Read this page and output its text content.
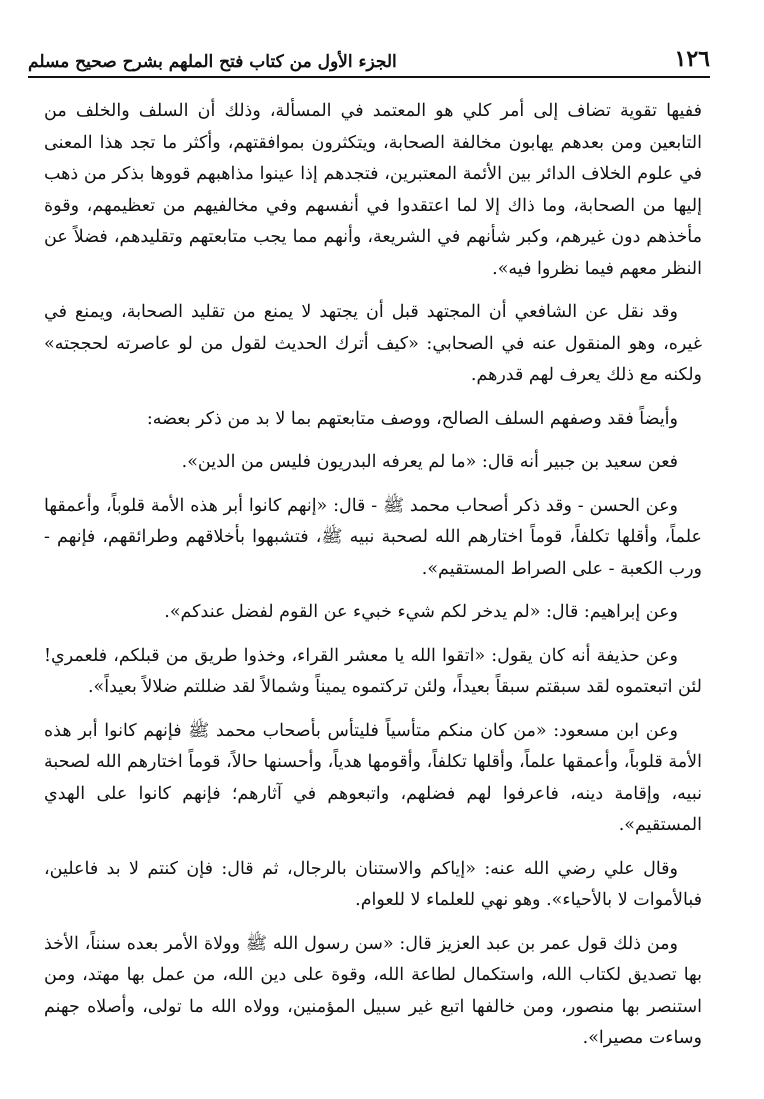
١٢٦
الجزء الأول من كتاب فتح الملهم بشرح صحيح مسلم

ففيها تقوية تضاف إلى أمر كلي هو المعتمد في المسألة، وذلك أن السلف والخلف من التابعين ومن بعدهم يهابون مخالفة الصحابة، ويتكثرون بموافقتهم، وأكثر ما تجد هذا المعنى في علوم الخلاف الدائر بين الأئمة المعتبرين، فتجدهم إذا عينوا مذاهبهم قووها بذكر من ذهب إليها من الصحابة، وما ذاك إلا لما اعتقدوا في أنفسهم وفي مخالفيهم من تعظيمهم، وقوة مأخذهم دون غيرهم، وكبر شأنهم في الشريعة، وأنهم مما يجب متابعتهم وتقليدهم، فضلاً عن النظر معهم فيما نظروا فيه».

وقد نقل عن الشافعي أن المجتهد قبل أن يجتهد لا يمنع من تقليد الصحابة، ويمنع في غيره، وهو المنقول عنه في الصحابي: «كيف أترك الحديث لقول من لو عاصرته لحججته» ولكنه مع ذلك يعرف لهم قدرهم.

وأيضاً فقد وصفهم السلف الصالح، ووصف متابعتهم بما لا بد من ذكر بعضه:

فعن سعيد بن جبير أنه قال: «ما لم يعرفه البدريون فليس من الدين».

وعن الحسن - وقد ذكر أصحاب محمد ﷺ - قال: «إنهم كانوا أبر هذه الأمة قلوباً، وأعمقها علماً، وأقلها تكلفاً، قوماً اختارهم الله لصحبة نبيه ﷺ، فتشبهوا بأخلاقهم وطرائقهم، فإنهم - ورب الكعبة - على الصراط المستقيم».

وعن إبراهيم: قال: «لم يدخر لكم شيء خبيء عن القوم لفضل عندكم».

وعن حذيفة أنه كان يقول: «اتقوا الله يا معشر القراء، وخذوا طريق من قبلكم، فلعمري! لئن اتبعتموه لقد سبقتم سبقاً بعيداً، ولئن تركتموه يميناً وشمالاً لقد ضللتم ضلالاً بعيداً».

وعن ابن مسعود: «من كان منكم متأسياً فليتأس بأصحاب محمد ﷺ فإنهم كانوا أبر هذه الأمة قلوباً، وأعمقها علماً، وأقلها تكلفاً، وأقومها هدياً، وأحسنها حالاً، قوماً اختارهم الله لصحبة نبيه، وإقامة دينه، فاعرفوا لهم فضلهم، واتبعوهم في آثارهم؛ فإنهم كانوا على الهدي المستقيم».

وقال علي رضي الله عنه: «إياكم والاستنان بالرجال، ثم قال: فإن كنتم لا بد فاعلين، فبالأموات لا بالأحياء». وهو نهي للعلماء لا للعوام.

ومن ذلك قول عمر بن عبد العزيز قال: «سن رسول الله ﷺ وولاة الأمر بعده سنناً، الأخذ بها تصديق لكتاب الله، واستكمال لطاعة الله، وقوة على دين الله، من عمل بها مهتد، ومن استنصر بها منصور، ومن خالفها اتبع غير سبيل المؤمنين، وولاه الله ما تولى، وأصلاه جهنم وساءت مصيرا».
